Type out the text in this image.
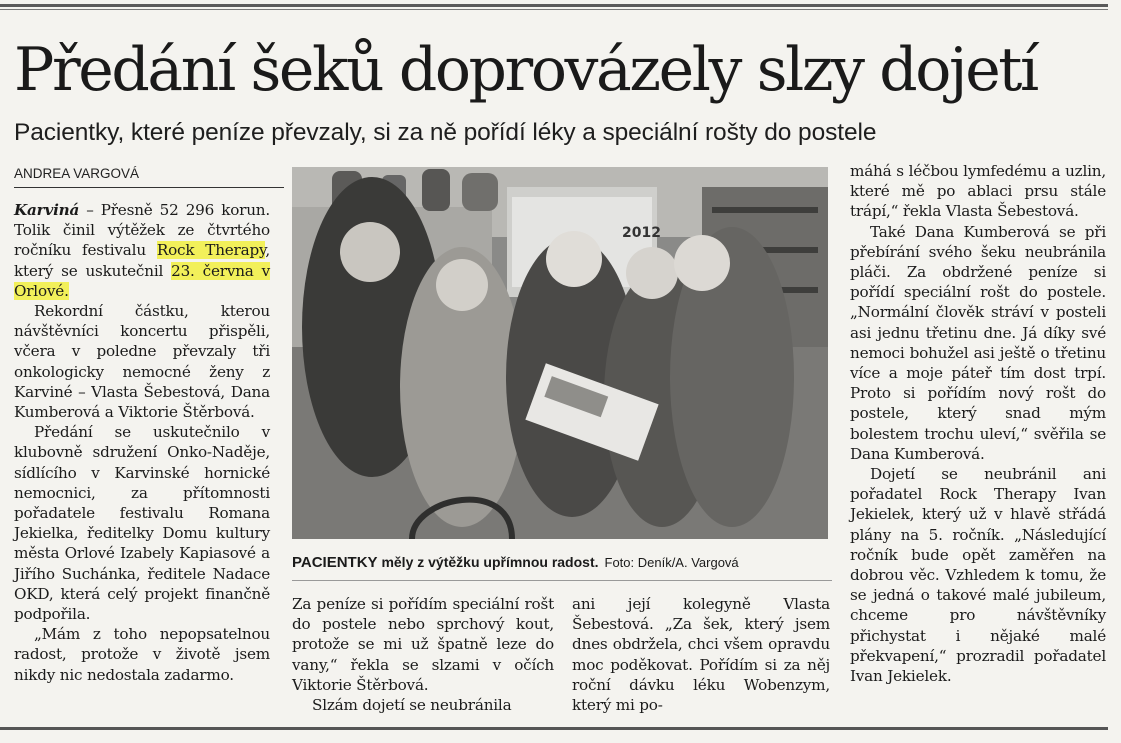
Předání šeků doprovázely slzy dojetí
Pacientky, které peníze převzaly, si za ně pořídí léky a speciální rošty do postele
ANDREA VARGOVÁ

Karviná – Přesně 52 296 korun. Tolik činil výtěžek ze čtvrtého ročníku festivalu Rock Therapy, který se uskutečnil 23. června v Orlové.

Rekordní částku, kterou návštěvníci koncertu přispěli, včera v poledne převzaly tři onkologicky nemocné ženy z Karviné – Vlasta Šebestová, Dana Kumberová a Viktorie Štěrbová.

Předání se uskutečnilo v klubovně sdružení Onko-Naděje, sídlícího v Karvinské hornické nemocnici, za přítomnosti pořadatele festivalu Romana Jekielka, ředitelky Domu kultury města Orlové Izabely Kapiasové a Jiřího Suchánka, ředitele Nadace OKD, která celý projekt finančně podpořila.

„Mám z toho nepopsatelnou radost, protože v životě jsem nikdy nic nedostala zadarmo.

2012
PACIENTKY měly z výtěžku upřímnou radost. Foto: Deník/A. Vargová

Za peníze si pořídím speciální rošt do postele nebo sprchový kout, protože se mi už špatně leze do vany,“ řekla se slzami v očích Viktorie Štěrbová.

Slzám dojetí se neubránila

ani její kolegyně Vlasta Šebestová. „Za šek, který jsem dnes obdržela, chci všem opravdu moc poděkovat. Pořídím si za něj roční dávku léku Wobenzym, který mi po-

máhá s léčbou lymfedému a uzlin, které mě po ablaci prsu stále trápí,“ řekla Vlasta Šebestová.

Také Dana Kumberová se při přebírání svého šeku neubránila pláči. Za obdržené peníze si pořídí speciální rošt do postele. „Normální člověk stráví v posteli asi jednu třetinu dne. Já díky své nemoci bohužel asi ještě o třetinu více a moje páteř tím dost trpí. Proto si pořídím nový rošt do postele, který snad mým bolestem trochu uleví,“ svěřila se Dana Kumberová.

Dojetí se neubránil ani pořadatel Rock Therapy Ivan Jekielek, který už v hlavě střádá plány na 5. ročník. „Následující ročník bude opět zaměřen na dobrou věc. Vzhledem k tomu, že se jedná o takové malé jubileum, chceme pro návštěvníky přichystat i nějaké malé překvapení,“ prozradil pořadatel Ivan Jekielek.
